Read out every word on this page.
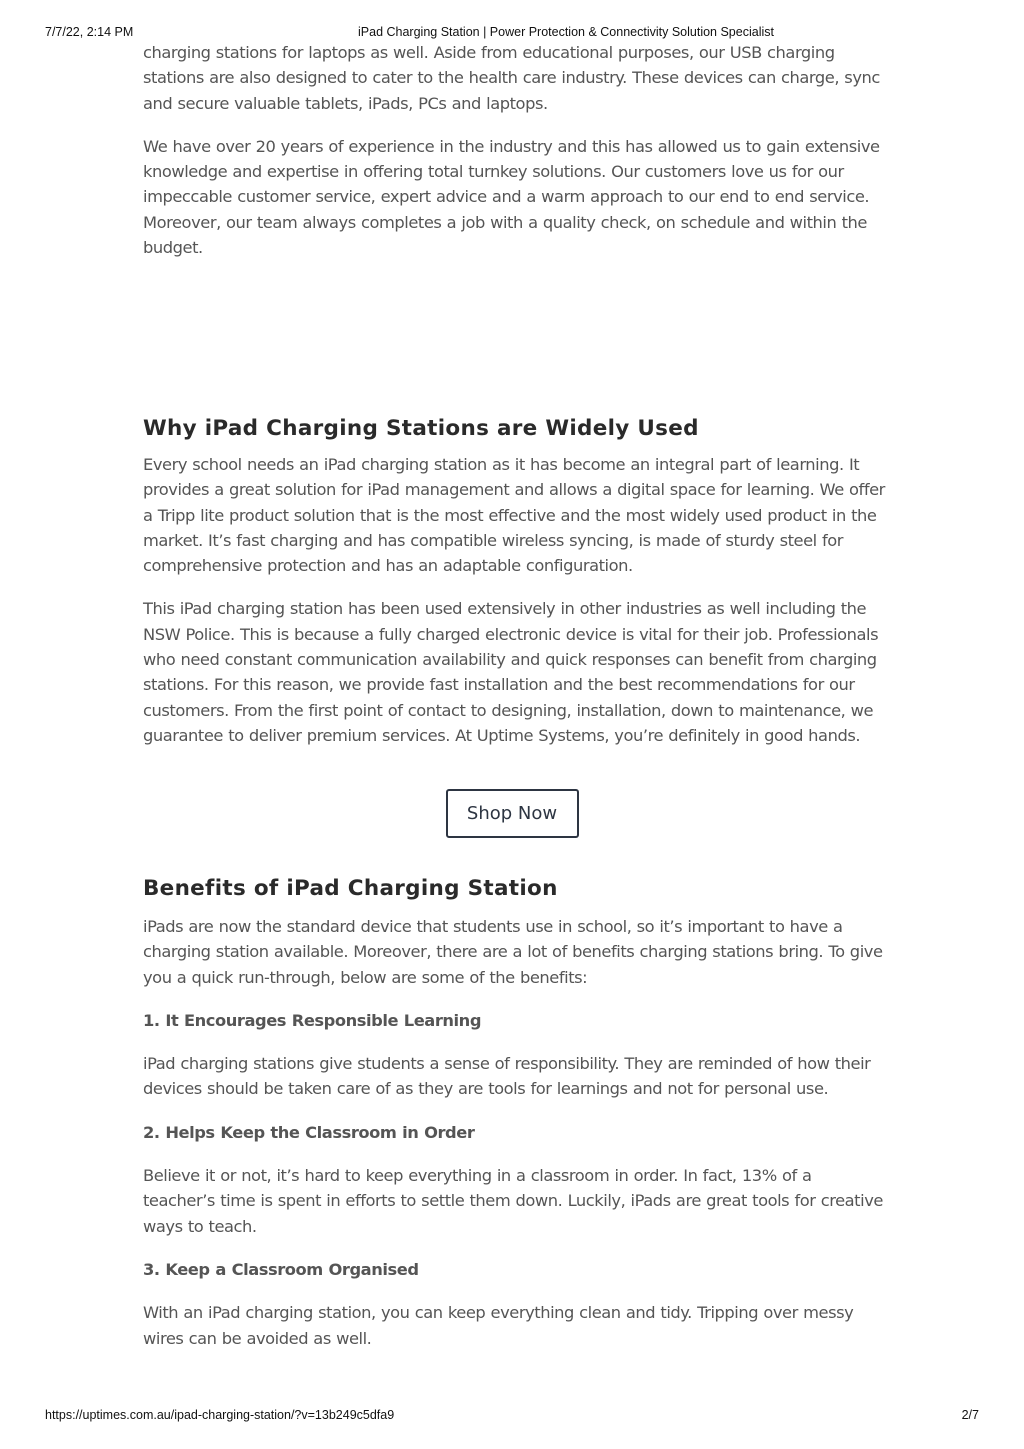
7/7/22, 2:14 PM	iPad Charging Station | Power Protection & Connectivity Solution Specialist

charging stations for laptops as well. Aside from educational purposes, our USB charging stations are also designed to cater to the health care industry. These devices can charge, sync and secure valuable tablets, iPads, PCs and laptops.

We have over 20 years of experience in the industry and this has allowed us to gain extensive knowledge and expertise in offering total turnkey solutions. Our customers love us for our impeccable customer service, expert advice and a warm approach to our end to end service. Moreover, our team always completes a job with a quality check, on schedule and within the budget.

Why iPad Charging Stations are Widely Used

Every school needs an iPad charging station as it has become an integral part of learning. It provides a great solution for iPad management and allows a digital space for learning. We offer a Tripp lite product solution that is the most effective and the most widely used product in the market. It’s fast charging and has compatible wireless syncing, is made of sturdy steel for comprehensive protection and has an adaptable configuration.

This iPad charging station has been used extensively in other industries as well including the NSW Police. This is because a fully charged electronic device is vital for their job. Professionals who need constant communication availability and quick responses can benefit from charging stations. For this reason, we provide fast installation and the best recommendations for our customers. From the first point of contact to designing, installation, down to maintenance, we guarantee to deliver premium services. At Uptime Systems, you’re definitely in good hands.

Shop Now
Benefits of iPad Charging Station

iPads are now the standard device that students use in school, so it’s important to have a charging station available. Moreover, there are a lot of benefits charging stations bring. To give you a quick run-through, below are some of the benefits:

1. It Encourages Responsible Learning

iPad charging stations give students a sense of responsibility. They are reminded of how their devices should be taken care of as they are tools for learnings and not for personal use.

2. Helps Keep the Classroom in Order

Believe it or not, it’s hard to keep everything in a classroom in order. In fact, 13% of a teacher’s time is spent in efforts to settle them down. Luckily, iPads are great tools for creative ways to teach.

3. Keep a Classroom Organised

With an iPad charging station, you can keep everything clean and tidy. Tripping over messy wires can be avoided as well.

https://uptimes.com.au/ipad-charging-station/?v=13b249c5dfa9	2/7
